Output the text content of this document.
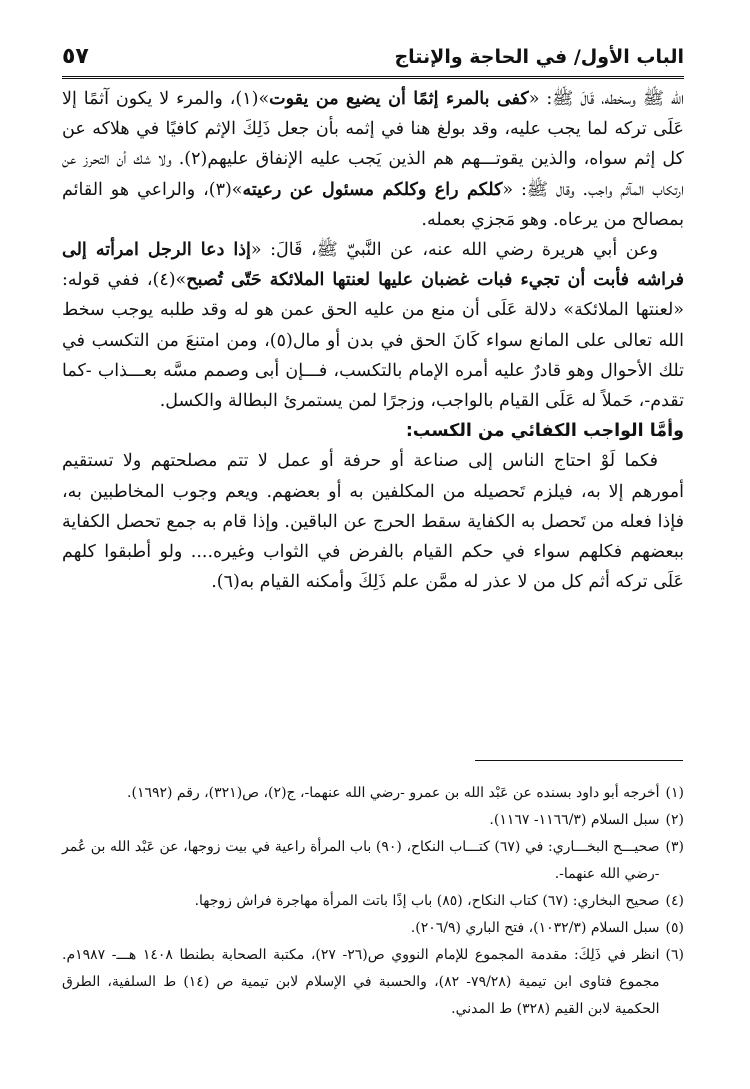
الباب الأول/ في الحاجة والإنتاج
٥٧

الله ﷺ وسخطه، قَالَ ﷺ: «كفى بالمرء إثمًا أن يضيع من يقوت»(١)، والمرء لا يكون آثمًا إلا عَلَى تركه لما يجب عليه، وقد بولغ هنا في إثمه بأن جعل ذَلِكَ الإثم كافيًا في هلاكه عن كل إثم سواه، والذين يقوتـــهم هم الذين يَجب عليه الإنفاق عليهم(٢). ولا شك أن التحرز عن ارتكاب المآثم واجب. وقال ﷺ: «كلكم راع وكلكم مسئول عن رعيته»(٣)، والراعي هو القائم بمصالح من يرعاه. وهو مَجزي بعمله.

وعن أبي هريرة رضي الله عنه، عن النَّبيّ ﷺ، قَالَ: «إذا دعا الرجل امرأته إلى فراشه فأبت أن تجيء فبات غضبان عليها لعنتها الملائكة حَتّى تُصبح»(٤)، ففي قوله: «لعنتها الملائكة» دلالة عَلَى أن منع من عليه الحق عمن هو له وقد طلبه يوجب سخط الله تعالى على المانع سواء كَانَ الحق في بدن أو مال(٥)، ومن امتنعَ من التكسب في تلك الأحوال وهو قادرٌ عليه أمره الإمام بالتكسب، فـــإن أبى وصمم مسَّه بعـــذاب -كما تقدم-، حَملاً له عَلَى القيام بالواجب، وزجرًا لمن يستمرئ البطالة والكسل.

وأمَّا الواجب الكفائي من الكسب:

فكما لَوْ احتاج الناس إلى صناعة أو حرفة أو عمل لا تتم مصلحتهم ولا تستقيم أمورهم إلا به، فيلزم تَحصيله من المكلفين به أو بعضهم. ويعم وجوب المخاطبين به، فإذا فعله من تَحصل به الكفاية سقط الحرج عن الباقين. وإذا قام به جمع تحصل الكفاية ببعضهم فكلهم سواء في حكم القيام بالفرض في الثواب وغيره.... ولو أطبقوا كلهم عَلَى تركه أثم كل من لا عذر له ممَّن علم ذَلِكَ وأمكنه القيام به(٦).

(١)
أخرجه أبو داود بسنده عن عَبْد الله بن عمرو -رضي الله عنهما-، ج(٢)، ص(٣٢١)، رقم (١٦٩٢).
(٢)
سبل السلام (١١٦٦/٣- ١١٦٧).
(٣)
صحيـــح البخـــاري: في (٦٧) كتـــاب النكاح، (٩٠) باب المرأة راعية في بيت زوجها، عن عَبْد الله بن عُمر -رضي الله عنهما-.
(٤)
صحيح البخاري: (٦٧) كتاب النكاح، (٨٥) باب إذًا باتت المرأة مهاجرة فراش زوجها.
(٥)
سبل السلام (١٠٣٢/٣)، فتح الباري (٢٠٦/٩).
(٦)
انظر في ذَلِكَ: مقدمة المجموع للإمام النووي ص(٢٦- ٢٧)، مكتبة الصحابة بطنطا ١٤٠٨ هـــ- ١٩٨٧م. مجموع فتاوى ابن تيمية (٧٩/٢٨- ٨٢)، والحسبة في الإسلام لابن تيمية ص (١٤) ط السلفية، الطرق الحكمية لابن القيم (٣٢٨) ط المدني.
